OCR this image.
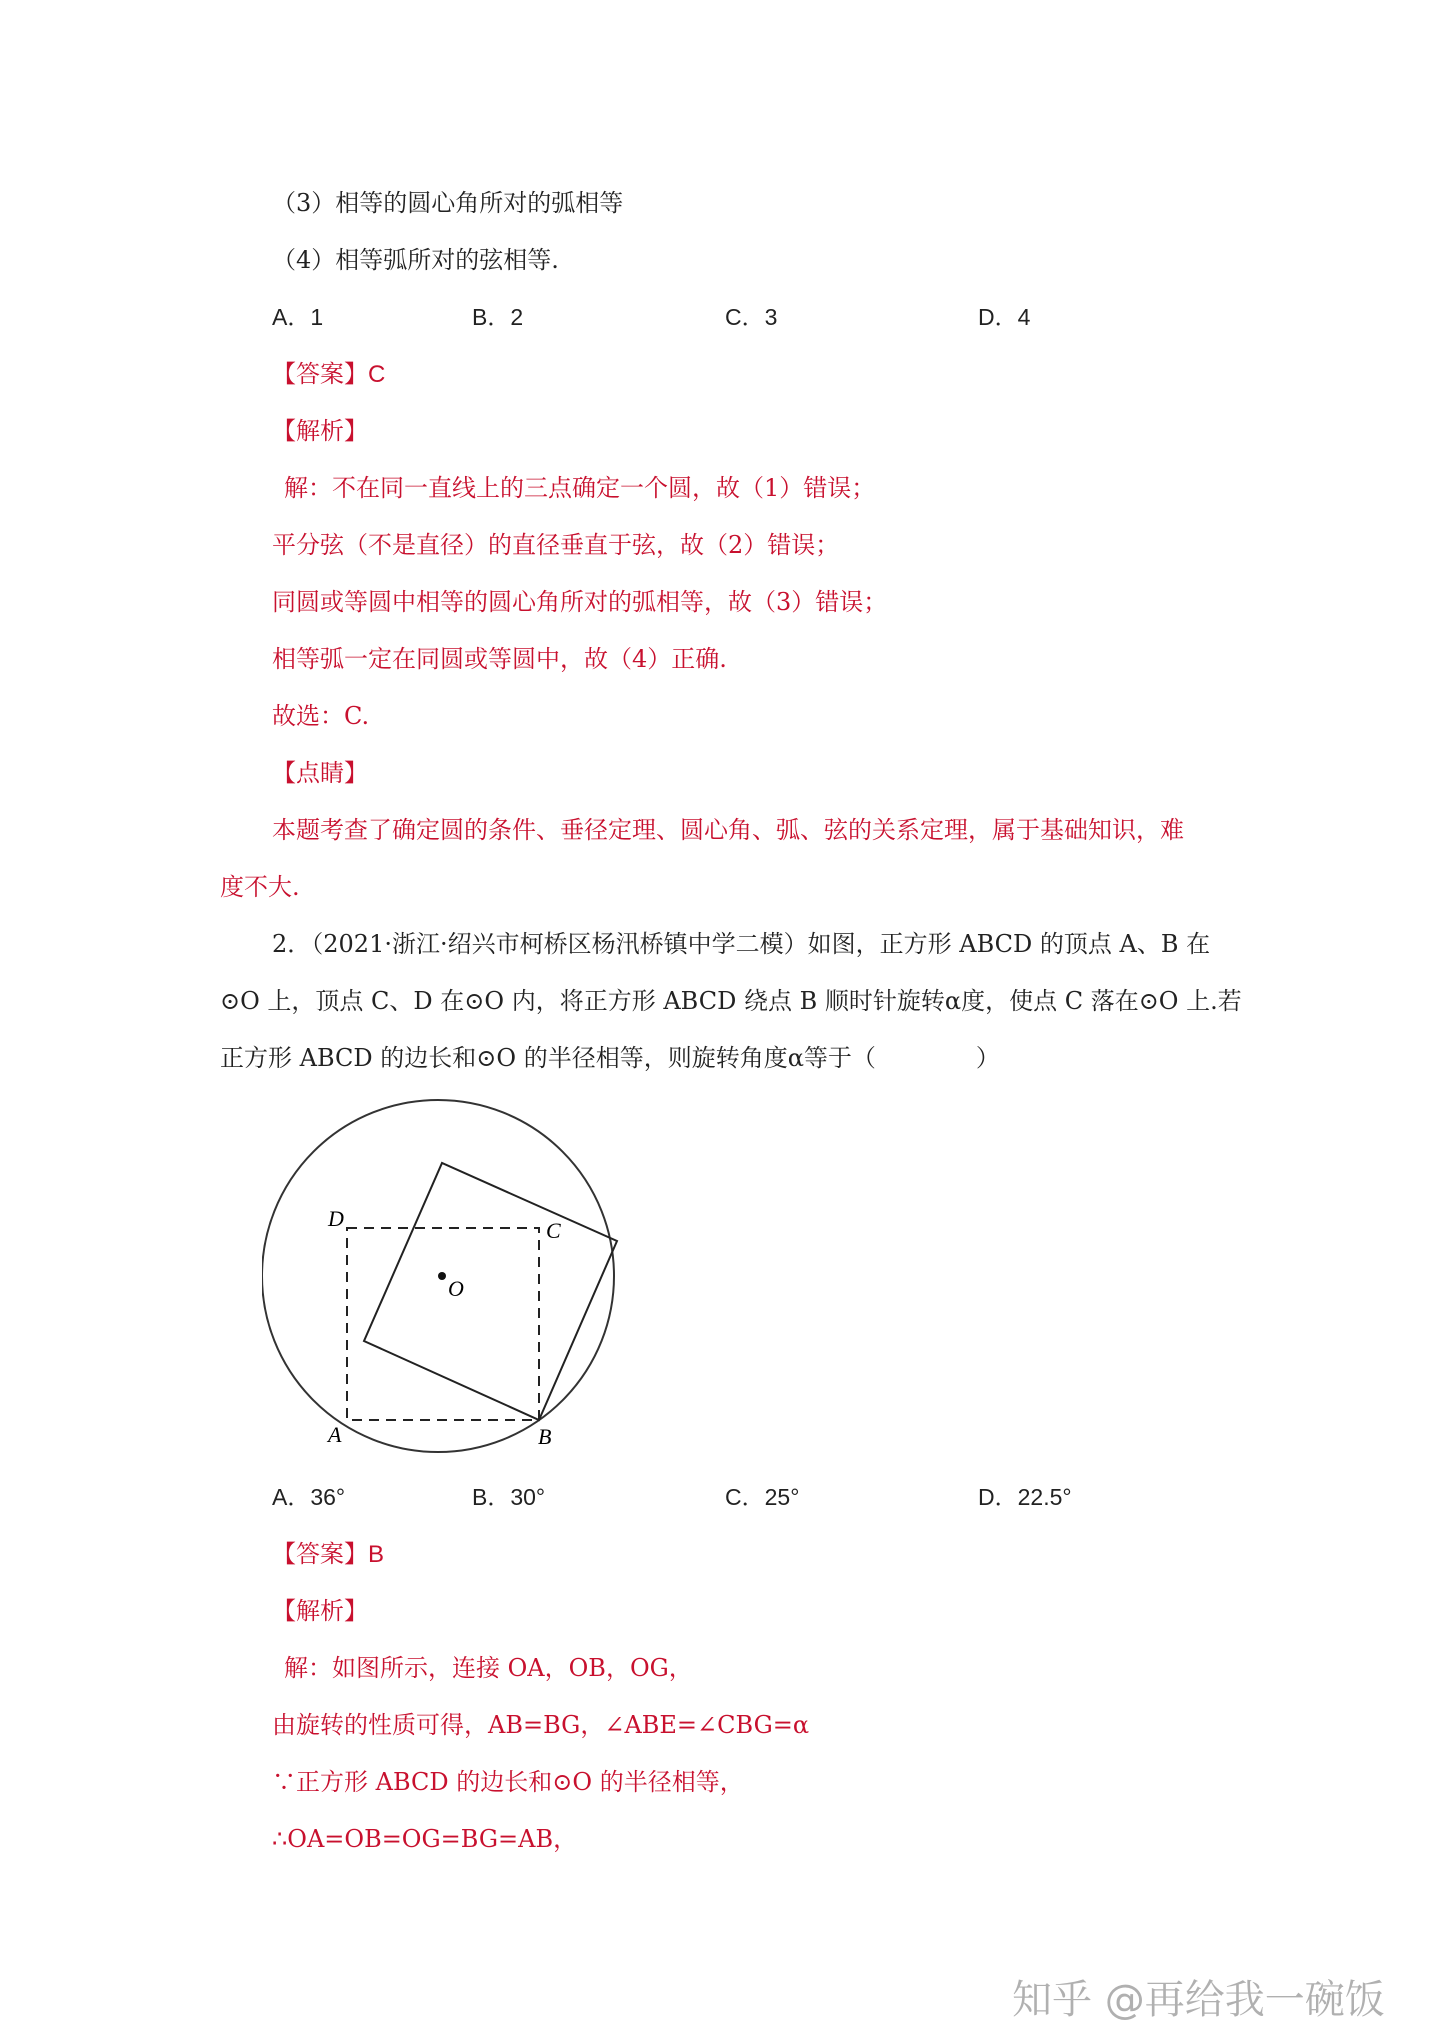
（3）相等的圆心角所对的弧相等
（4）相等弧所对的弦相等.
A．1	B．2	C．3	D．4
【答案】C
【解析】
解：不在同一直线上的三点确定一个圆，故（1）错误；
平分弦（不是直径）的直径垂直于弦，故（2）错误；
同圆或等圆中相等的圆心角所对的弧相等，故（3）错误；
相等弧一定在同圆或等圆中，故（4）正确.
故选：C.
【点睛】
本题考查了确定圆的条件、垂径定理、圆心角、弧、弦的关系定理，属于基础知识，难
度不大.
2．（2021·浙江·绍兴市柯桥区杨汛桥镇中学二模）如图，正方形 ABCD 的顶点 A、B 在
⊙O 上，顶点 C、D 在⊙O 内，将正方形 ABCD 绕点 B 顺时针旋转α度，使点 C 落在⊙O 上.若
正方形 ABCD 的边长和⊙O 的半径相等，则旋转角度α等于（	）
O
D	C
A	B
A．36°	B．30°	C．25°	D．22.5°
【答案】B
【解析】
解：如图所示，连接 OA，OB，OG，
由旋转的性质可得，AB=BG，∠ABE=∠CBG=α
∵正方形 ABCD 的边长和⊙O 的半径相等，
∴OA=OB=OG=BG=AB，
知乎 @再给我一碗饭
